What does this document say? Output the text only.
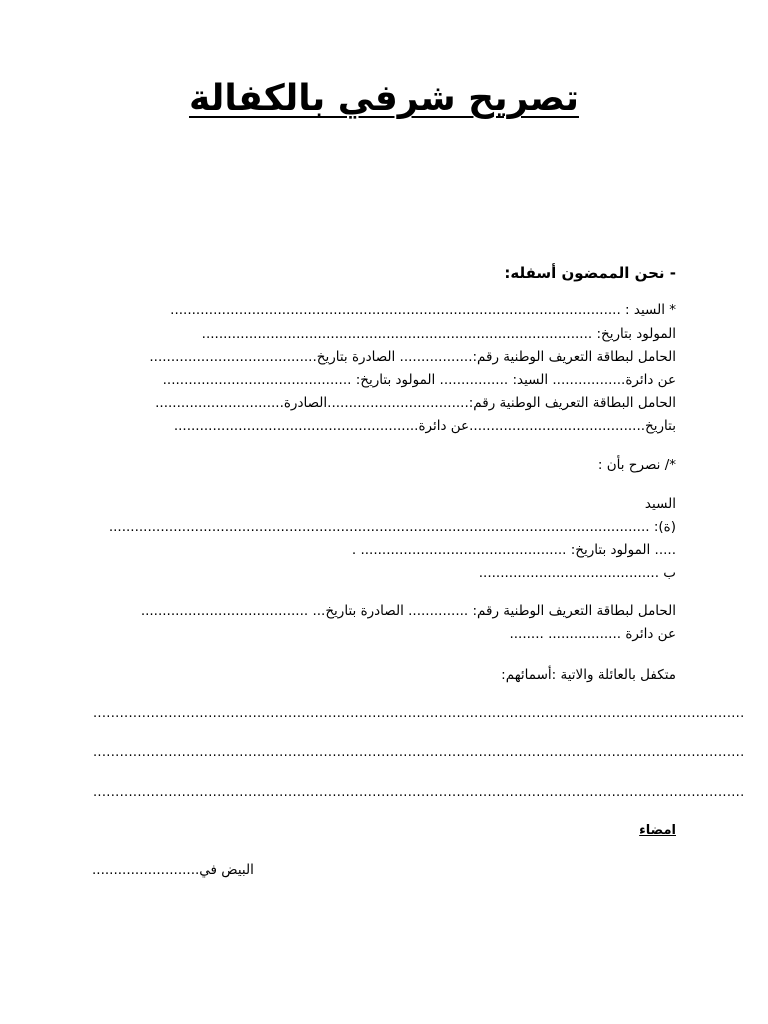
تصريح شرفي بالكفالة
- نحن الممضون أسفله:
* السيد : .........................................................................................................
المولود بتاريخ: ...........................................................................................
الحامل لبطاقة التعريف الوطنية رقم:................. الصادرة بتاريخ.......................................
عن دائرة................. السيد: ................ المولود بتاريخ: ............................................
الحامل البطاقة التعريف الوطنية رقم:.................................الصادرة..............................
بتاريخ.........................................عن دائرة.........................................................
*/ نصرح بأن :
السيد
(ة): ..............................................................................................................................
..... المولود بتاريخ: ................................................ .
ب ..........................................
الحامل لبطاقة التعريف الوطنية رقم: .............. الصادرة بتاريخ... .......................................
عن دائرة ................. ........
متكفل بالعائلة والاتية :أسمائهم:
...................................................................................................................................................
...................................................................................................................................................
...................................................................................................................................................
امضاء
البيض في.........................
